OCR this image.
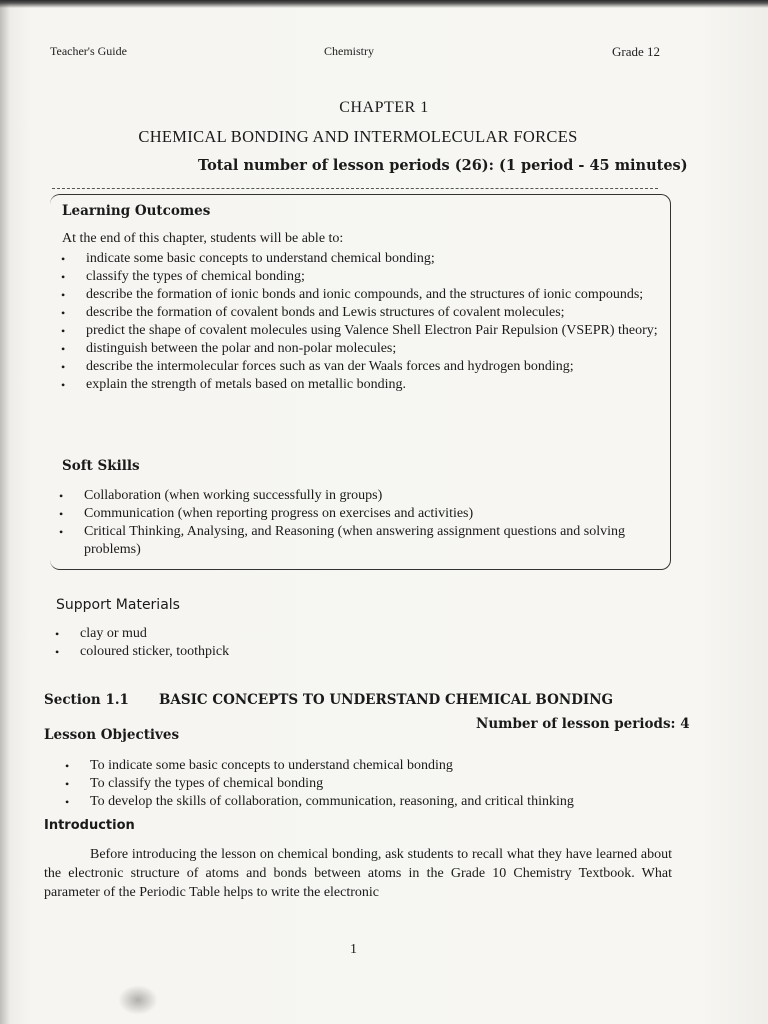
Teacher's Guide	Chemistry	Grade 12
CHAPTER 1
CHEMICAL BONDING AND INTERMOLECULAR FORCES
Total number of lesson periods (26): (1 period - 45 minutes)
Learning Outcomes
At the end of this chapter, students will be able to:
• indicate some basic concepts to understand chemical bonding;
• classify the types of chemical bonding;
• describe the formation of ionic bonds and ionic compounds, and the structures of ionic compounds;
• describe the formation of covalent bonds and Lewis structures of covalent molecules;
• predict the shape of covalent molecules using Valence Shell Electron Pair Repulsion (VSEPR) theory;
• distinguish between the polar and non-polar molecules;
• describe the intermolecular forces such as van der Waals forces and hydrogen bonding;
• explain the strength of metals based on metallic bonding.
Soft Skills
• Collaboration (when working successfully in groups)
• Communication (when reporting progress on exercises and activities)
• Critical Thinking, Analysing, and Reasoning (when answering assignment questions and solving problems)
Support Materials
• clay or mud
• coloured sticker, toothpick
Section 1.1 BASIC CONCEPTS TO UNDERSTAND CHEMICAL BONDING
Number of lesson periods: 4
Lesson Objectives
• To indicate some basic concepts to understand chemical bonding
• To classify the types of chemical bonding
• To develop the skills of collaboration, communication, reasoning, and critical thinking
Introduction
Before introducing the lesson on chemical bonding, ask students to recall what they have learned about the electronic structure of atoms and bonds between atoms in the Grade 10 Chemistry Textbook. What parameter of the Periodic Table helps to write the electronic
1
